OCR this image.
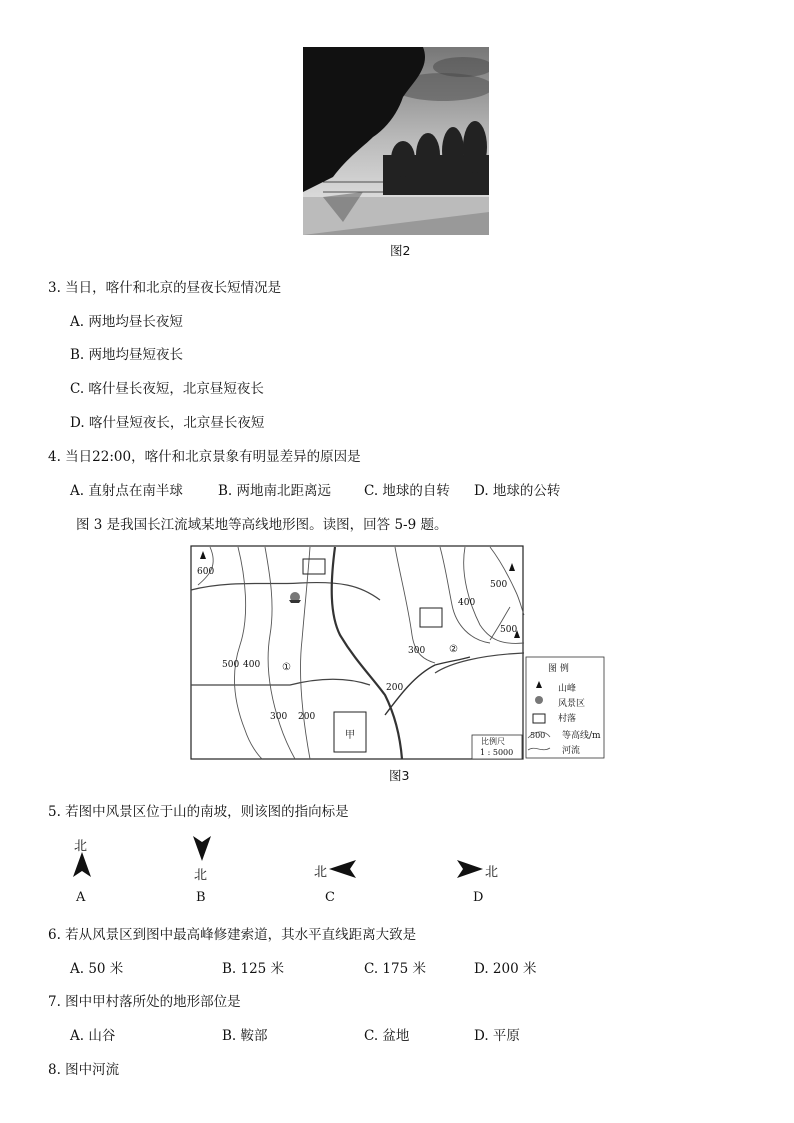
图2
3. 当日，喀什和北京的昼夜长短情况是
A. 两地均昼长夜短
B. 两地均昼短夜长
C. 喀什昼长夜短，北京昼短夜长
D. 喀什昼短夜长，北京昼长夜短
4. 当日22:00，喀什和北京景象有明显差异的原因是
A. 直射点在南半球	B. 两地南北距离远 C. 地球的自转 D. 地球的公转
图 3 是我国长江流域某地等高线地形图。读图，回答 5-9 题。
600
500 400
300 200
200
300
400
500
500
①
②
甲
比例尺
1 : 5000
图 例
山峰
风景区
村落
等高线/m
500
河流
图3
5. 若图中风景区位于山的南坡，则该图的指向标是
北
A
北
B
北
C
北
D
6. 若从风景区到图中最高峰修建索道，其水平直线距离大致是
A. 50 米	B. 125 米	C. 175 米	D. 200 米
7. 图中甲村落所处的地形部位是
A. 山谷	B. 鞍部	C. 盆地	D. 平原
8. 图中河流
